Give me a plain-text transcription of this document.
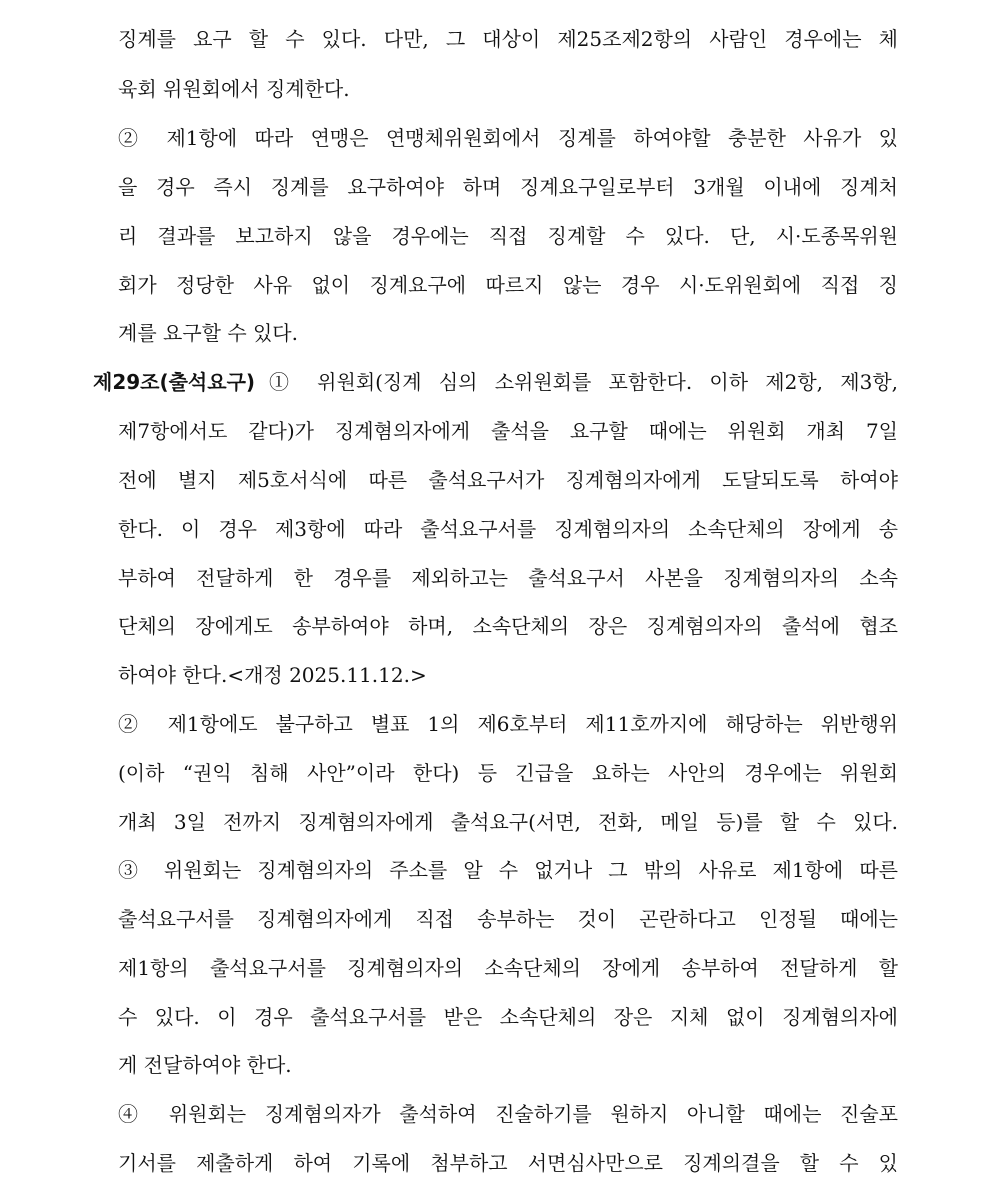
징계를 요구 할 수 있다. 다만, 그 대상이 제25조제2항의 사람인 경우에는 체
육회 위원회에서 징계한다.
② 제1항에 따라 연맹은 연맹체위원회에서 징계를 하여야할 충분한 사유가 있
을 경우 즉시 징계를 요구하여야 하며 징계요구일로부터 3개월 이내에 징계처
리 결과를 보고하지 않을 경우에는 직접 징계할 수 있다. 단, 시·도종목위원
회가 정당한 사유 없이 징계요구에 따르지 않는 경우 시·도위원회에 직접 징
계를 요구할 수 있다.
제29조(출석요구) ① 위원회(징계 심의 소위원회를 포함한다. 이하 제2항, 제3항,
제7항에서도 같다)가 징계혐의자에게 출석을 요구할 때에는 위원회 개최 7일
전에 별지 제5호서식에 따른 출석요구서가 징계혐의자에게 도달되도록 하여야
한다. 이 경우 제3항에 따라 출석요구서를 징계혐의자의 소속단체의 장에게 송
부하여 전달하게 한 경우를 제외하고는 출석요구서 사본을 징계혐의자의 소속
단체의 장에게도 송부하여야 하며, 소속단체의 장은 징계혐의자의 출석에 협조
하여야 한다.<개정 2025.11.12.>
② 제1항에도 불구하고 별표 1의 제6호부터 제11호까지에 해당하는 위반행위
(이하 “권익 침해 사안”이라 한다) 등 긴급을 요하는 사안의 경우에는 위원회
개최 3일 전까지 징계혐의자에게 출석요구(서면, 전화, 메일 등)를 할 수 있다.
③ 위원회는 징계혐의자의 주소를 알 수 없거나 그 밖의 사유로 제1항에 따른
출석요구서를 징계혐의자에게 직접 송부하는 것이 곤란하다고 인정될 때에는
제1항의 출석요구서를 징계혐의자의 소속단체의 장에게 송부하여 전달하게 할
수 있다. 이 경우 출석요구서를 받은 소속단체의 장은 지체 없이 징계혐의자에
게 전달하여야 한다.
④ 위원회는 징계혐의자가 출석하여 진술하기를 원하지 아니할 때에는 진술포
기서를 제출하게 하여 기록에 첨부하고 서면심사만으로 징계의결을 할 수 있
